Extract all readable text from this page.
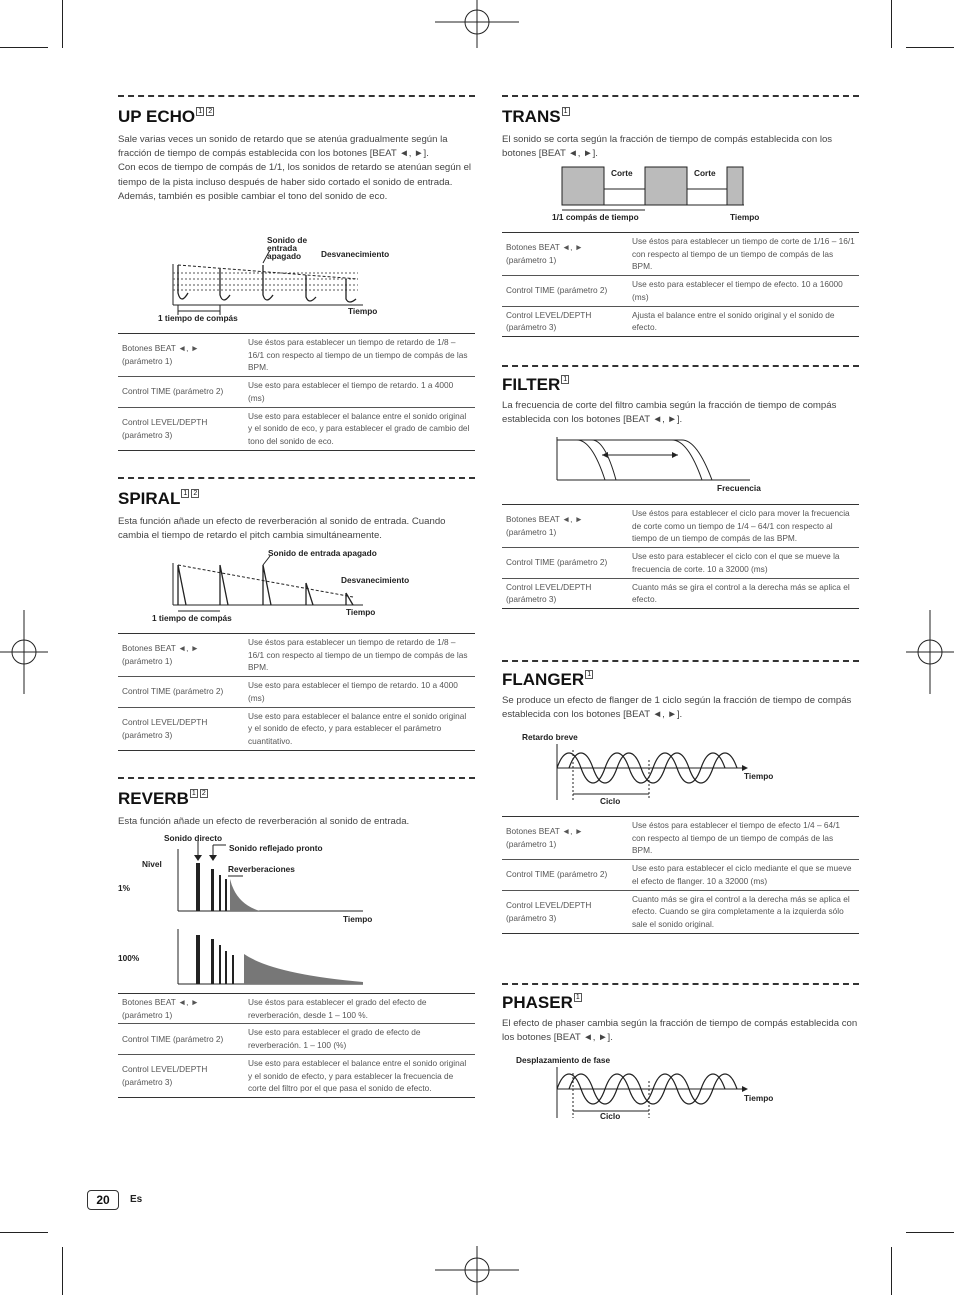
UP ECHO $^{1 2}$

Sale varias veces un sonido de retardo que se atenúa gradualmente según la fracción de tiempo de compás establecida con los botones [BEAT ◄, ►].

Con ecos de tiempo de compás de 1/1, los sonidos de retardo se atenúan según el tiempo de la pista incluso después de haber sido cortado el sonido de entrada.

Además, también es posible cambiar el tono del sonido de eco.

Sonido de
entrada
apagado Desvanecimiento
1 tiempo de compás
Tiempo
Botones BEAT ◄, ► (parámetro 1)	Use éstos para establecer un tiempo de retardo de 1/8 – 16/1 con respecto al tiempo de un tiempo de compás de las BPM.
Control TIME (parámetro 2)	Use esto para establecer el tiempo de retardo. 1 a 4000 (ms)
Control LEVEL/DEPTH (parámetro 3)	Use esto para establecer el balance entre el sonido original y el sonido de eco, y para establecer el grado de cambio del tono del sonido de eco.
SPIRAL $^{1 2}$

Esta función añade un efecto de reverberación al sonido de entrada. Cuando cambia el tiempo de retardo el pitch cambia simultáneamente.

Sonido de entrada apagado
Desvanecimiento
1 tiempo de compás
Tiempo
Botones BEAT ◄, ► (parámetro 1)	Use éstos para establecer un tiempo de retardo de 1/8 – 16/1 con respecto al tiempo de un tiempo de compás de las BPM.
Control TIME (parámetro 2)	Use esto para establecer el tiempo de retardo. 10 a 4000 (ms)
Control LEVEL/DEPTH (parámetro 3)	Use esto para establecer el balance entre el sonido original y el sonido de efecto, y para establecer el parámetro cuantitativo.
REVERB $^{1 2}$

Esta función añade un efecto de reverberación al sonido de entrada.

Sonido directo
Sonido reflejado pronto
Nivel	Reverberaciones
1%
Tiempo
100%
Botones BEAT ◄, ► (parámetro 1)	Use éstos para establecer el grado del efecto de reverberación, desde 1 – 100 %.
Control TIME (parámetro 2)	Use esto para establecer el grado de efecto de reverberación. 1 – 100 (%)
Control LEVEL/DEPTH (parámetro 3)	Use esto para establecer el balance entre el sonido original y el sonido de efecto, y para establecer la frecuencia de corte del filtro por el que pasa el sonido de efecto.
TRANS $^1$

El sonido se corta según la fracción de tiempo de compás establecida con los botones [BEAT ◄, ►].

Corte	Corte
1/1 compás de tiempo	Tiempo
Botones BEAT ◄, ► (parámetro 1)	Use éstos para establecer un tiempo de corte de 1/16 – 16/1 con respecto al tiempo de un tiempo de compás de las BPM.
Control TIME (parámetro 2)	Use esto para establecer el tiempo de efecto. 10 a 16000 (ms)
Control LEVEL/DEPTH (parámetro 3)	Ajusta el balance entre el sonido original y el sonido de efecto.
FILTER $^1$

La frecuencia de corte del filtro cambia según la fracción de tiempo de compás establecida con los botones [BEAT ◄, ►].

Frecuencia
Botones BEAT ◄, ► (parámetro 1)	Use éstos para establecer el ciclo para mover la frecuencia de corte como un tiempo de 1/4 – 64/1 con respecto al tiempo de un tiempo de compás de las BPM.
Control TIME (parámetro 2)	Use esto para establecer el ciclo con el que se mueve la frecuencia de corte. 10 a 32000 (ms)
Control LEVEL/DEPTH (parámetro 3)	Cuanto más se gira el control a la derecha más se aplica el efecto.
FLANGER $^1$

Se produce un efecto de flanger de 1 ciclo según la fracción de tiempo de compás establecida con los botones [BEAT ◄, ►].

Retardo breve
Tiempo
Ciclo
Botones BEAT ◄, ► (parámetro 1)	Use éstos para establecer el tiempo de efecto 1/4 – 64/1 con respecto al tiempo de un tiempo de compás de las BPM.
Control TIME (parámetro 2)	Use esto para establecer el ciclo mediante el que se mueve el efecto de flanger. 10 a 32000 (ms)
Control LEVEL/DEPTH (parámetro 3)	Cuanto más se gira el control a la derecha más se aplica el efecto. Cuando se gira completamente a la izquierda sólo sale el sonido original.
PHASER $^1$

El efecto de phaser cambia según la fracción de tiempo de compás establecida con los botones [BEAT ◄, ►].

Desplazamiento de fase
Tiempo
Ciclo
20	Es
